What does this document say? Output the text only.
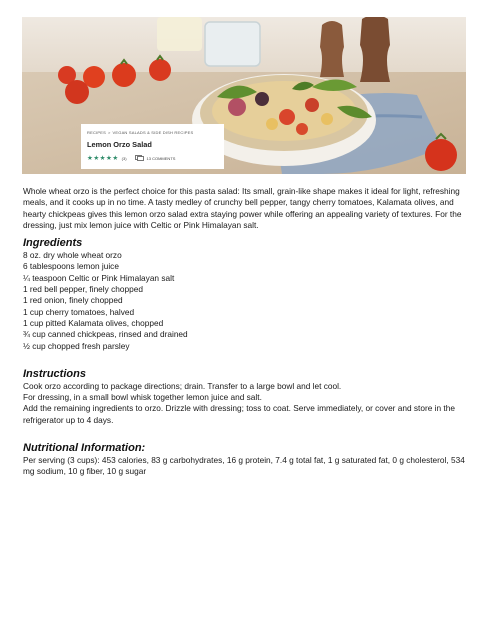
RECIPES > VEGAN SALADS & SIDE DISH RECIPES
Lemon Orzo Salad
★ ★ ★ ★ ★ (3)	13 COMMENTS

Whole wheat orzo is the perfect choice for this pasta salad: Its small, grain-like shape makes it ideal for light, refreshing meals, and it cooks up in no time. A tasty medley of crunchy bell pepper, tangy cherry tomatoes, Kalamata olives, and hearty chickpeas gives this lemon orzo salad extra staying power while offering an appealing variety of textures. For the dressing, just mix lemon juice with Celtic or Pink Himalayan salt.

Ingredients

8 oz. dry whole wheat orzo

6 tablespoons lemon juice

¼ teaspoon Celtic or Pink Himalayan salt

1 red bell pepper, finely chopped

1 red onion, finely chopped

1 cup cherry tomatoes, halved

1 cup pitted Kalamata olives, chopped

¾ cup canned chickpeas, rinsed and drained

½ cup chopped fresh parsley

Instructions

Cook orzo according to package directions; drain. Transfer to a large bowl and let cool.

For dressing, in a small bowl whisk together lemon juice and salt.

Add the remaining ingredients to orzo. Drizzle with dressing; toss to coat. Serve immediately, or cover and store in the refrigerator up to 4 days.

Nutritional Information:

Per serving (3 cups): 453 calories, 83 g carbohydrates, 16 g protein, 7.4 g total fat, 1 g saturated fat, 0 g cholesterol, 534 mg sodium, 10 g fiber, 10 g sugar
